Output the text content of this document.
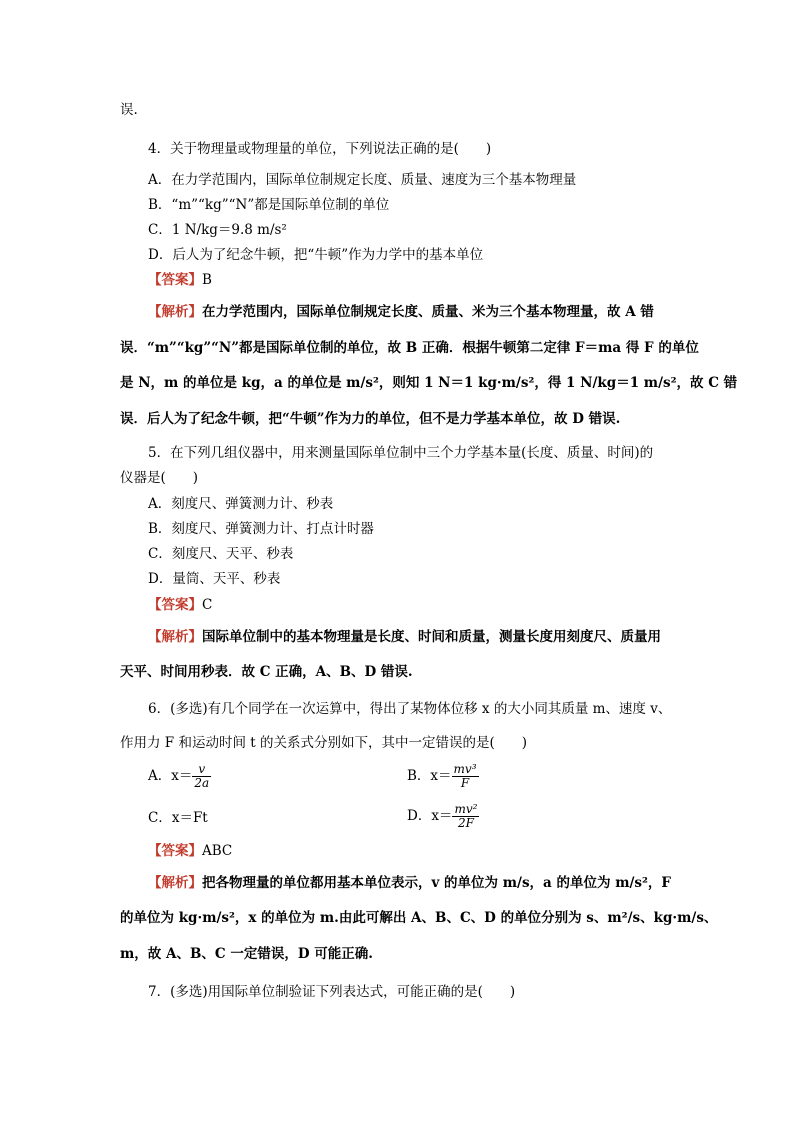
误.
4．关于物理量或物理量的单位，下列说法正确的是(　　)
A．在力学范围内，国际单位制规定长度、质量、速度为三个基本物理量
B．“m”“kg”“N”都是国际单位制的单位
C．1 N/kg＝9.8 m/s²
D．后人为了纪念牛顿，把“牛顿”作为力学中的基本单位
【答案】B
【解析】在力学范围内，国际单位制规定长度、质量、米为三个基本物理量，故 A 错
误．“m”“kg”“N”都是国际单位制的单位，故 B 正确．根据牛顿第二定律 F＝ma 得 F 的单位
是 N，m 的单位是 kg，a 的单位是 m/s²，则知 1 N＝1 kg·m/s²，得 1 N/kg＝1 m/s²，故 C 错
误．后人为了纪念牛顿，把“牛顿”作为力的单位，但不是力学基本单位，故 D 错误.
5．在下列几组仪器中，用来测量国际单位制中三个力学基本量(长度、质量、时间)的
仪器是(　　)
A．刻度尺、弹簧测力计、秒表
B．刻度尺、弹簧测力计、打点计时器
C．刻度尺、天平、秒表
D．量筒、天平、秒表
【答案】C
【解析】国际单位制中的基本物理量是长度、时间和质量，测量长度用刻度尺、质量用
天平、时间用秒表．故 C 正确，A、B、D 错误.
6．(多选)有几个同学在一次运算中，得出了某物体位移 x 的大小同其质量 m、速度 v、
作用力 F 和运动时间 t 的关系式分别如下，其中一定错误的是(　　)
A．$x= \frac{v}{2a}$	B．$x= \frac{\text{mv³}}{F}$
C．x＝Ft	D．$x= \frac{\text{mv²}}{2F}$
【答案】ABC
【解析】把各物理量的单位都用基本单位表示，v 的单位为 m/s，a 的单位为 m/s²，F
的单位为 kg·m/s²，x 的单位为 m.由此可解出 A、B、C、D 的单位分别为 s、m²/s、kg·m/s、
m，故 A、B、C 一定错误，D 可能正确.
7．(多选)用国际单位制验证下列表达式，可能正确的是(　　)
